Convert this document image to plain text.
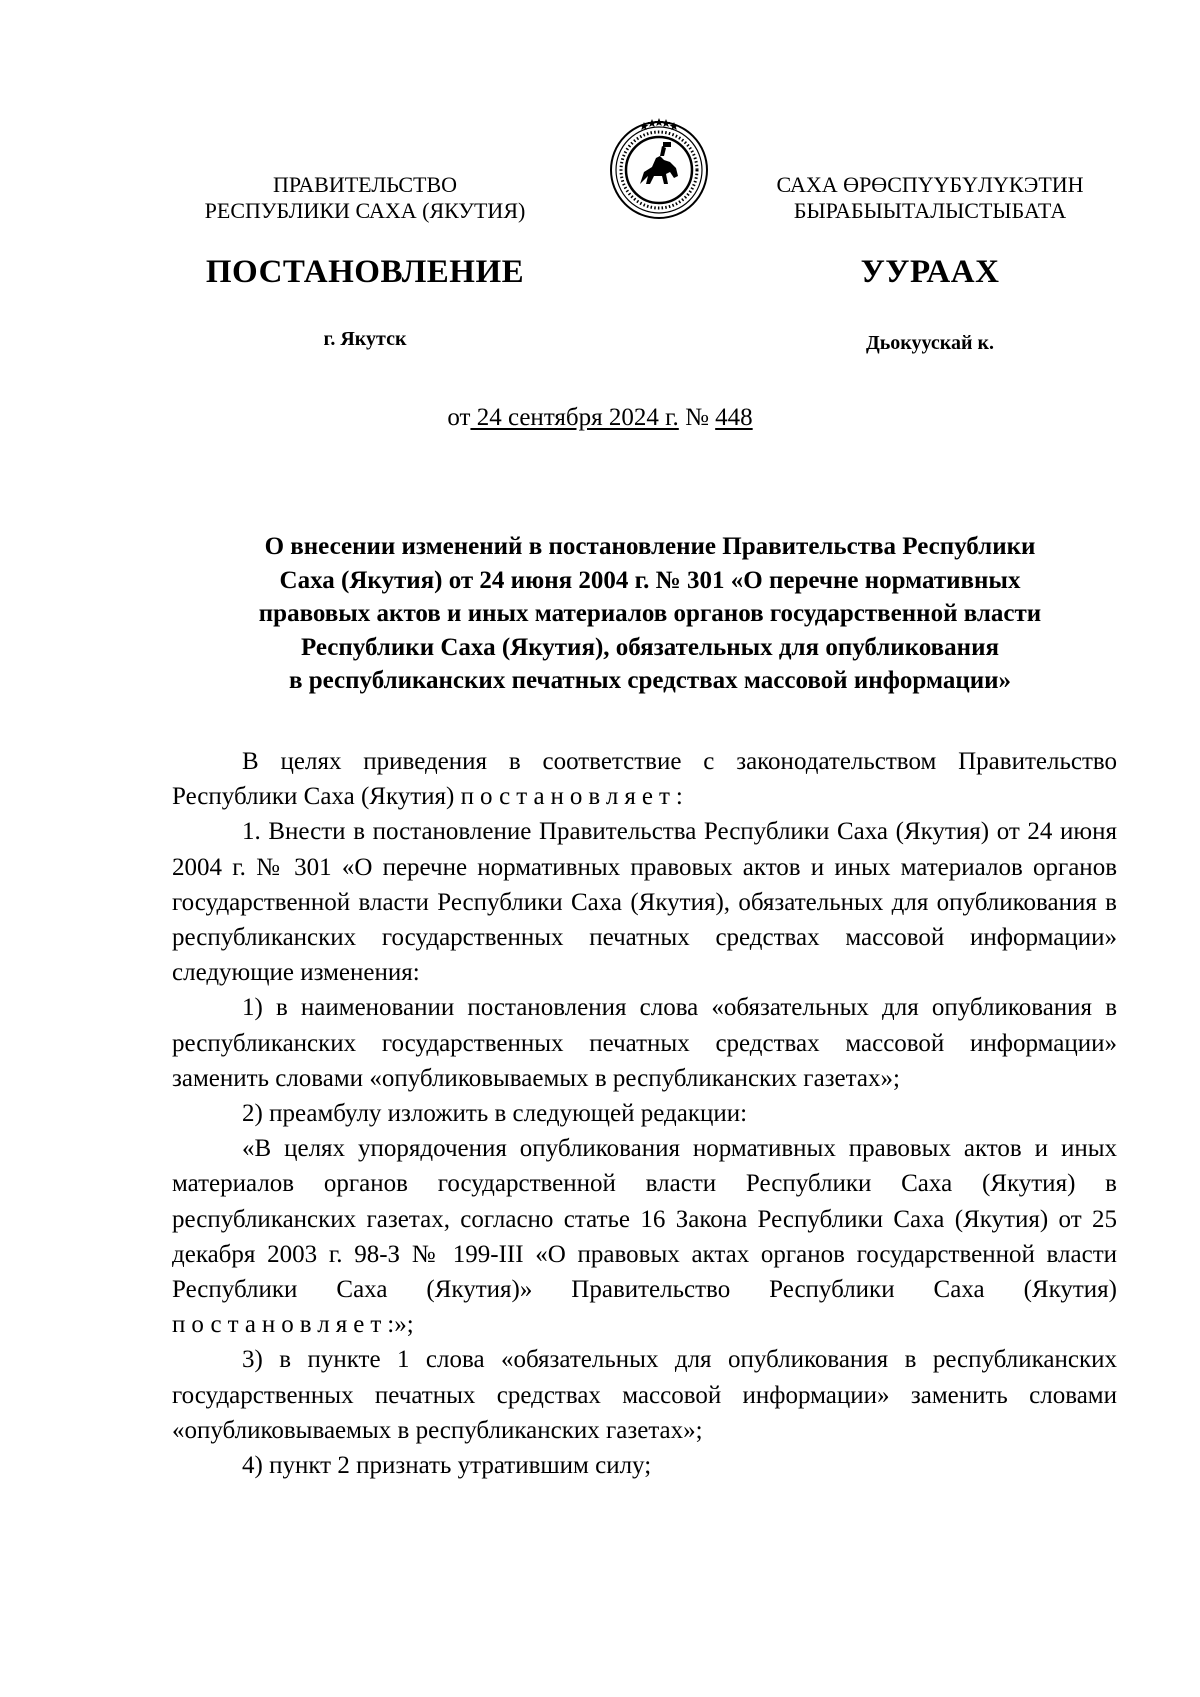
ПРАВИТЕЛЬСТВО
РЕСПУБЛИКИ САХА (ЯКУТИЯ)
САХА ӨРӨСПҮҮБҮЛҮКЭТИН
БЫРАБЫЫТАЛЫСТЫБАТА
ПОСТАНОВЛЕНИЕ	УУРААХ
г. Якутск	Дьокуускай к.
от 24 сентября 2024 г. № 448
О внесении изменений в постановление Правительства Республики
Саха (Якутия) от 24 июня 2004 г. № 301 «О перечне нормативных
правовых актов и иных материалов органов государственной власти
Республики Саха (Якутия), обязательных для опубликования
в республиканских печатных средствах массовой информации»

В целях приведения в соответствие с законодательством Правительство Республики Саха (Якутия) постановляет:

1. Внести в постановление Правительства Республики Саха (Якутия) от 24 июня 2004 г. № 301 «О перечне нормативных правовых актов и иных материалов органов государственной власти Республики Саха (Якутия), обязательных для опубликования в республиканских государственных печатных средствах массовой информации» следующие изменения:

1) в наименовании постановления слова «обязательных для опубликования в республиканских государственных печатных средствах массовой информации» заменить словами «опубликовываемых в республиканских газетах»;

2) преамбулу изложить в следующей редакции:

«В целях упорядочения опубликования нормативных правовых актов и иных материалов органов государственной власти Республики Саха (Якутия) в республиканских газетах, согласно статье 16 Закона Республики Саха (Якутия) от 25 декабря 2003 г. 98-З № 199-III «О правовых актах органов государственной власти Республики Саха (Якутия)» Правительство Республики Саха (Якутия) постановляет:»;

3) в пункте 1 слова «обязательных для опубликования в республиканских государственных печатных средствах массовой информации» заменить словами «опубликовываемых в республиканских газетах»;

4) пункт 2 признать утратившим силу;
